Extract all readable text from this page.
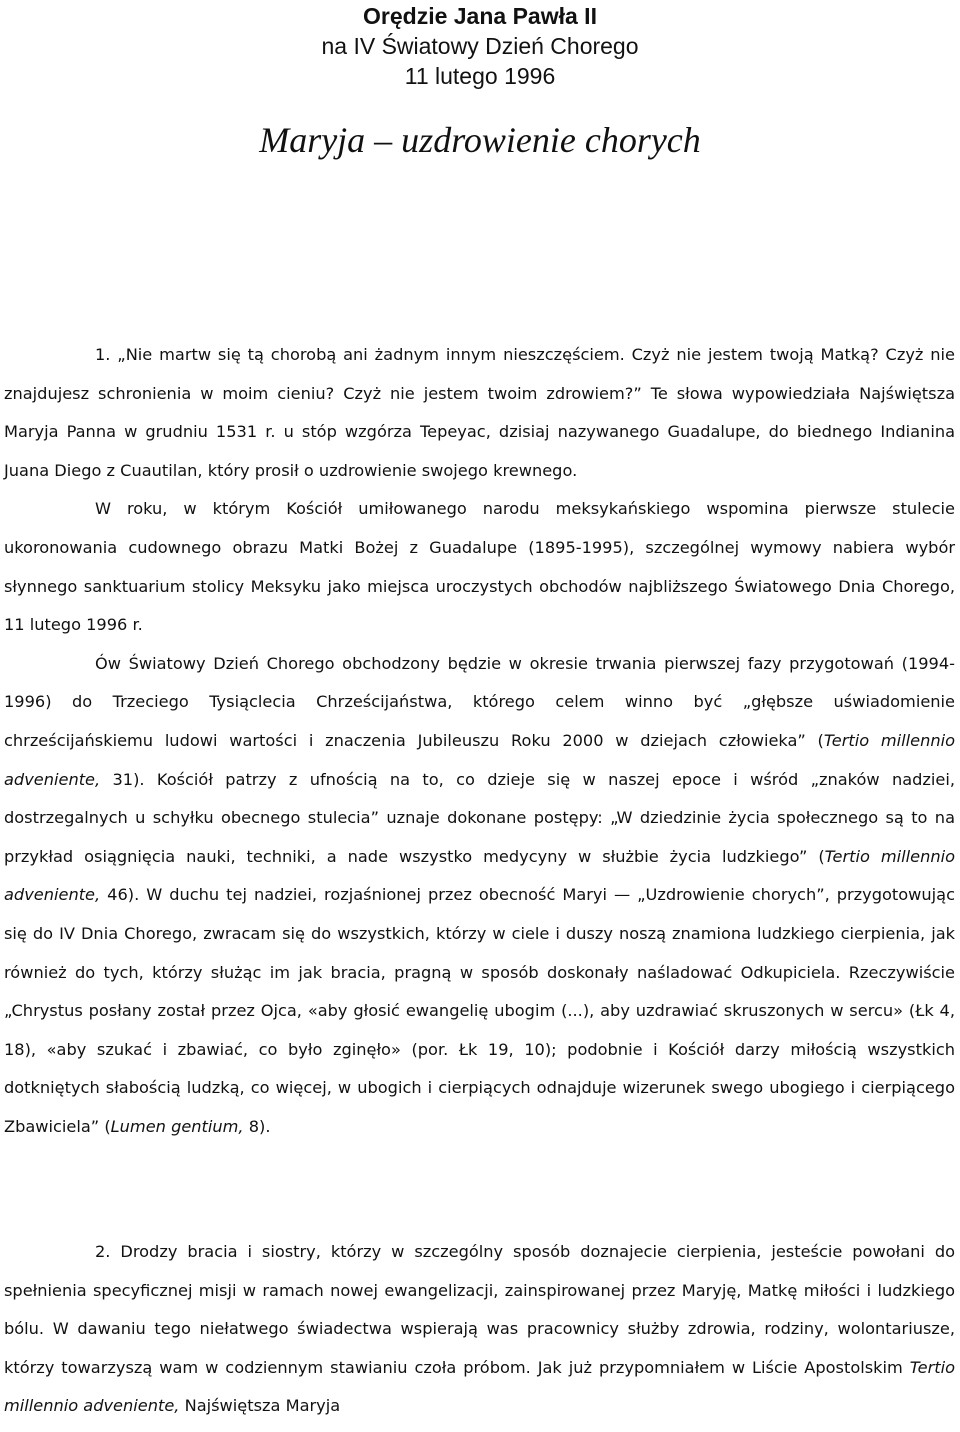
Orędzie Jana Pawła II
na IV Światowy Dzień Chorego
11 lutego 1996
Maryja – uzdrowienie chorych

1. „Nie martw się tą chorobą ani żadnym innym nieszczęściem. Czyż nie jestem twoją Matką? Czyż nie znajdujesz schronienia w moim cieniu? Czyż nie jestem twoim zdrowiem?” Te słowa wypowiedziała Najświętsza Maryja Panna w grudniu 1531 r. u stóp wzgórza Tepeyac, dzisiaj nazywanego Guadalupe, do biednego Indianina Juana Diego z Cuautilan, który prosił o uzdrowienie swojego krewnego.

W roku, w którym Kościół umiłowanego narodu meksykańskiego wspomina pierwsze stulecie ukoronowania cudownego obrazu Matki Bożej z Guadalupe (1895-1995), szczególnej wymowy nabiera wybór słynnego sanktuarium stolicy Meksyku jako miejsca uroczystych obchodów najbliższego Światowego Dnia Chorego, 11 lutego 1996 r.

Ów Światowy Dzień Chorego obchodzony będzie w okresie trwania pierwszej fazy przygotowań (1994-1996) do Trzeciego Tysiąclecia Chrześcijaństwa, którego celem winno być „głębsze uświadomienie chrześcijańskiemu ludowi wartości i znaczenia Jubileuszu Roku 2000 w dziejach człowieka” (Tertio millennio adveniente, 31). Kościół patrzy z ufnością na to, co dzieje się w naszej epoce i wśród „znaków nadziei, dostrzegalnych u schyłku obecnego stulecia” uznaje dokonane postępy: „W dziedzinie życia społecznego są to na przykład osiągnięcia nauki, techniki, a nade wszystko medycyny w służbie życia ludzkiego” (Tertio millennio adveniente, 46). W duchu tej nadziei, rozjaśnionej przez obecność Maryi — „Uzdrowienie chorych”, przygotowując się do IV Dnia Chorego, zwracam się do wszystkich, którzy w ciele i duszy noszą znamiona ludzkiego cierpienia, jak również do tych, którzy służąc im jak bracia, pragną w sposób doskonały naśladować Odkupiciela. Rzeczywiście „Chrystus posłany został przez Ojca, «aby głosić ewangelię ubogim (...), aby uzdrawiać skruszonych w sercu» (Łk 4, 18), «aby szukać i zbawiać, co było zginęło» (por. Łk 19, 10); podobnie i Kościół darzy miłością wszystkich dotkniętych słabością ludzką, co więcej, w ubogich i cierpiących odnajduje wizerunek swego ubogiego i cierpiącego Zbawiciela” (Lumen gentium, 8).

2. Drodzy bracia i siostry, którzy w szczególny sposób doznajecie cierpienia, jesteście powołani do spełnienia specyficznej misji w ramach nowej ewangelizacji, zainspirowanej przez Maryję, Matkę miłości i ludzkiego bólu. W dawaniu tego niełatwego świadectwa wspierają was pracownicy służby zdrowia, rodziny, wolontariusze, którzy towarzyszą wam w codziennym stawianiu czoła próbom. Jak już przypomniałem w Liście Apostolskim Tertio millennio adveniente, Najświętsza Maryja
